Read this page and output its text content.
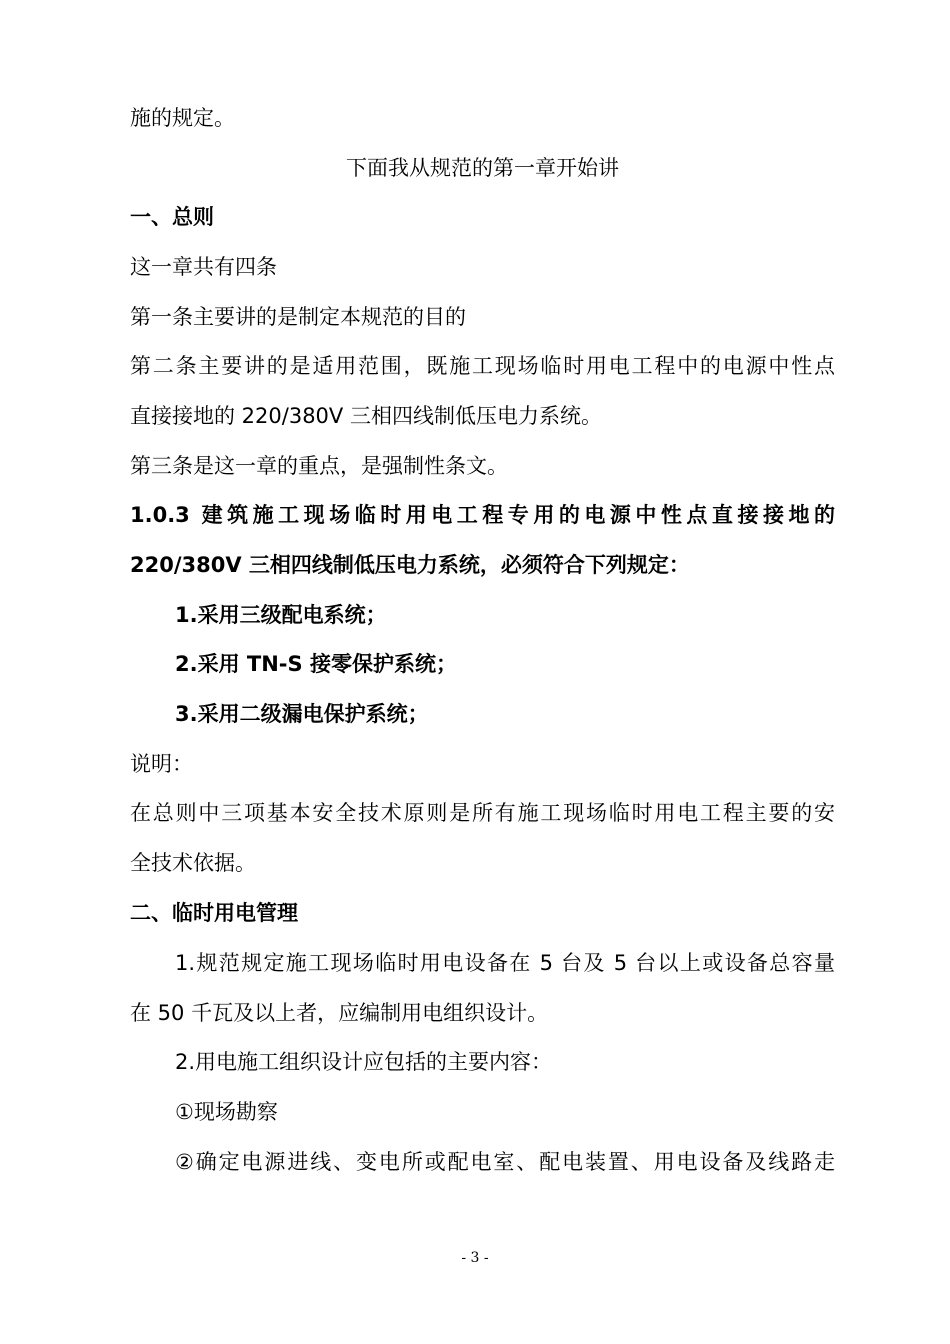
施的规定。
下面我从规范的第一章开始讲
一、总则
这一章共有四条
第一条主要讲的是制定本规范的目的
第二条主要讲的是适用范围，既施工现场临时用电工程中的电源中性点
直接接地的 220/380V 三相四线制低压电力系统。
第三条是这一章的重点，是强制性条文。
1.0.3 建筑施工现场临时用电工程专用的电源中性点直接接地的
220/380V 三相四线制低压电力系统，必须符合下列规定：
1.采用三级配电系统；
2.采用 TN-S 接零保护系统；
3.采用二级漏电保护系统；
说明：
在总则中三项基本安全技术原则是所有施工现场临时用电工程主要的安
全技术依据。
二、临时用电管理
1.规范规定施工现场临时用电设备在 5 台及 5 台以上或设备总容量
在 50 千瓦及以上者，应编制用电组织设计。
2.用电施工组织设计应包括的主要内容：
①现场勘察
②确定电源进线、变电所或配电室、配电装置、用电设备及线路走
- 3 -
